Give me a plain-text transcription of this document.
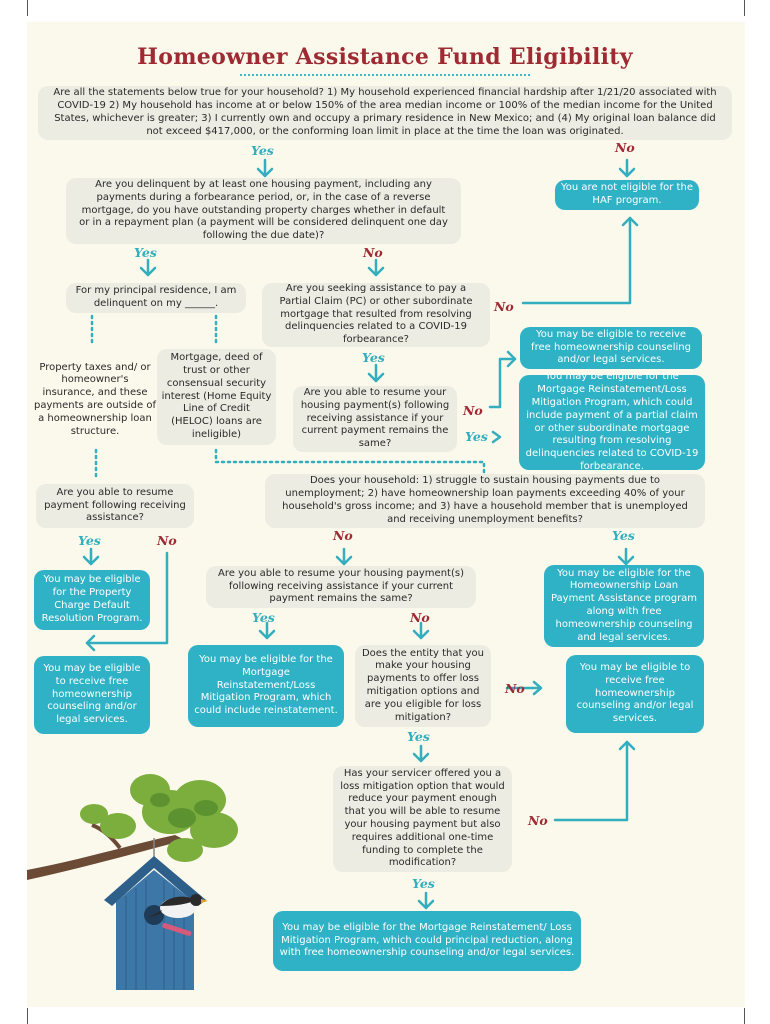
Homeowner Assistance Fund Eligibility
Are all the statements below true for your household? 1) My household experienced financial hardship after 1/21/20 associated with COVID-19 2) My household has income at or below 150% of the area median income or 100% of the median income for the United States, whichever is greater; 3) I currently own and occupy a primary residence in New Mexico; and (4) My original loan balance did not exceed $417,000, or the conforming loan limit in place at the time the loan was originated.
You are not eligible for the HAF program.
Are you delinquent by at least one housing payment, including any payments during a forbearance period, or, in the case of a reverse mortgage, do you have outstanding property charges whether in default or in a repayment plan (a payment will be considered delinquent one day following the due date)?
For my principal residence, I am delinquent on my ______.
Are you seeking assistance to pay a Partial Claim (PC) or other subordinate mortgage that resulted from resolving delinquencies related to a COVID-19 forbearance?
Property taxes and/ or homeowner's insurance, and these payments are outside of a homeownership loan structure.
Mortgage, deed of trust or other consensual security interest (Home Equity Line of Credit (HELOC) loans are ineligible)
Are you able to resume your housing payment(s) following receiving assistance if your current payment remains the same?
You may be eligible to receive free homeownership counseling and/or legal services.
You may be eligible for the Mortgage Reinstatement/Loss Mitigation Program, which could include payment of a partial claim or other subordinate mortgage resulting from resolving delinquencies related to COVID-19 forbearance.
Are you able to resume payment following receiving assistance?
Does your household: 1) struggle to sustain housing payments due to unemployment; 2) have homeownership loan payments exceeding 40% of your household's gross income; and 3) have a household member that is unemployed and receiving unemployment benefits?
You may be eligible for the Property Charge Default Resolution Program.
You may be eligible to receive free homeownership counseling and/or legal services.
Are you able to resume your housing payment(s) following receiving assistance if your current payment remains the same?
You may be eligible for the Homeownership Loan Payment Assistance program along with free homeownership counseling and legal services.
You may be eligible for the Mortgage Reinstatement/Loss Mitigation Program, which could include reinstatement.
Does the entity that you make your housing payments to offer loss mitigation options and are you eligible for loss mitigation?
You may be eligible to receive free homeownership counseling and/or legal services.
Has your servicer offered you a loss mitigation option that would reduce your payment enough that you will be able to resume your housing payment but also requires additional one-time funding to complete the modification?
You may be eligible for the Mortgage Reinstatement/ Loss Mitigation Program, which could principal reduction, along with free homeownership counseling and/or legal services.
Yes	No
Yes	No
No
Yes
No
Yes
Yes	No	No	Yes
Yes	No
No
Yes
No
Yes
